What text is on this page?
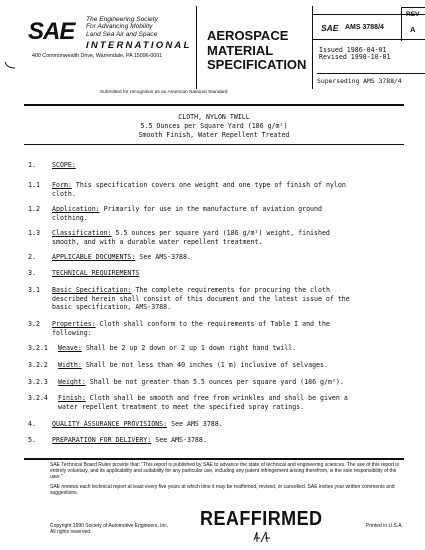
SAE The Engineering Society
For Advancing Mobility
Land Sea Air and Space
INTERNATIONAL
400 Commonwealth Drive, Warrendale, PA 15096-0001
AEROSPACE
MATERIAL
SPECIFICATION
SAE AMS 3788/4
REV
A
Issued 1986-04-01
Revised 1990-10-01
Superseding AMS 3788/4
Submitted for recognition as an American National Standard
CLOTH, NYLON TWILL
5.5 Ounces per Square Yard (186 g/m²)
Smooth Finish, Water Repellent Treated
1. SCOPE:
1.1 Form: This specification covers one weight and one type of finish of nylon
cloth.
1.2 Application: Primarily for use in the manufacture of aviation ground
clothing.
1.3 Classification: 5.5 ounces per square yard (186 g/m²) weight, finished
smooth, and with a durable water repellent treatment.
2. APPLICABLE DOCUMENTS: See AMS-3788.
3. TECHNICAL REQUIREMENTS
3.1 Basic Specification: The complete requirements for procuring the cloth
described herein shall consist of this document and the latest issue of the
basic specification, AMS-3788.
3.2 Properties: Cloth shall conform to the requirements of Table I and the
following:
3.2.1 Weave: Shall be 2 up 2 down or 2 up 1 down right hand twill.
3.2.2 Width: Shall be not less than 40 inches (1 m) inclusive of selvages.
3.2.3 Weight: Shall be not greater than 5.5 ounces per square yard (186 g/m²).
3.2.4 Finish: Cloth shall be smooth and free from wrinkles and shall be given a
water repellent treatment to meet the specified spray ratings.
4. QUALITY ASSURANCE PROVISIONS: See AMS 3788.
5. PREPARATION FOR DELIVERY: See AMS-3788.
SAE Technical Board Rules provide that: "This report is published by SAE to advance the state of technical and engineering sciences. The use of this report is entirely voluntary, and its applicability and suitability for any particular use, including any patent infringement arising therefrom, is the sole responsibility of the user."
SAE reviews each technical report at least every five years at which time it may be reaffirmed, revised, or cancelled. SAE invites your written comments and suggestions.
Copyright 1990 Society of Automotive Engineers, Inc.
All rights reserved.
REAFFIRMED	Printed in U.S.A.
